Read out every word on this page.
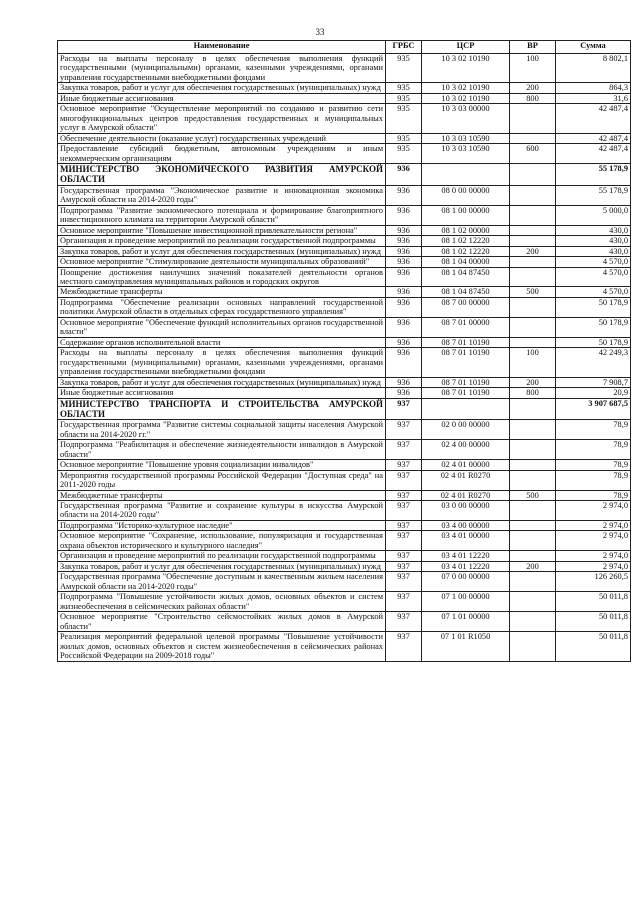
33
Наименование	ГРБС	ЦСР	ВР	Сумма
Расходы на выплаты персоналу в целях обеспечения выполнения функций государственными (муниципальными) органами, казенными учреждениями, органами управления государственными внебюджетными фондами	935	10 3 02 10190	100	8 802,1
Закупка товаров, работ и услуг для обеспечения государственных (муниципальных) нужд	935	10 3 02 10190	200	864,3
Иные бюджетные ассигнования	935	10 3 02 10190	800	31,6
Основное мероприятие "Осуществление мероприятий по созданию и развитию сети многофункциональных центров предоставления государственных и муниципальных услуг в Амурской области"	935	10 3 03 00000		42 487,4
Обеспечение деятельности (оказание услуг) государственных учреждений	935	10 3 03 10590		42 487,4
Предоставление субсидий бюджетным, автономным учреждениям и иным некоммерческим организациям	935	10 3 03 10590	600	42 487,4
МИНИСТЕРСТВО ЭКОНОМИЧЕСКОГО РАЗВИТИЯ АМУРСКОЙ ОБЛАСТИ	936			55 178,9
Государственная программа "Экономическое развитие и инновационная экономика Амурской области на 2014-2020 годы"	936	08 0 00 00000		55 178,9
Подпрограмма "Развитие экономического потенциала и формирование благоприятного инвестиционного климата на территории Амурской области"	936	08 1 00 00000		5 000,0
Основное мероприятие "Повышение инвестиционной привлекательности региона"	936	08 1 02 00000		430,0
Организация и проведение мероприятий по реализации государственной подпрограммы	936	08 1 02 12220		430,0
Закупка товаров, работ и услуг для обеспечения государственных (муниципальных) нужд	936	08 1 02 12220	200	430,0
Основное мероприятие "Стимулирование деятельности муниципальных образований"	936	08 1 04 00000		4 570,0
Поощрение достижения наилучших значений показателей деятельности органов местного самоуправления муниципальных районов и городских округов	936	08 1 04 87450		4 570,0
Межбюджетные трансферты	936	08 1 04 87450	500	4 570,0
Подпрограмма "Обеспечение реализации основных направлений государственной политики Амурской области в отдельных сферах государственного управления"	936	08 7 00 00000		50 178,9
Основное мероприятие "Обеспечение функций исполнительных органов государственной власти"	936	08 7 01 00000		50 178,9
Содержание органов исполнительной власти	936	08 7 01 10190		50 178,9
Расходы на выплаты персоналу в целях обеспечения выполнения функций государственными (муниципальными) органами, казенными учреждениями, органами управления государственными внебюджетными фондами	936	08 7 01 10190	100	42 249,3
Закупка товаров, работ и услуг для обеспечения государственных (муниципальных) нужд	936	08 7 01 10190	200	7 908,7
Иные бюджетные ассигнования	936	08 7 01 10190	800	20,9
МИНИСТЕРСТВО ТРАНСПОРТА И СТРОИТЕЛЬСТВА АМУРСКОЙ ОБЛАСТИ	937			3 907 687,5
Государственная программа "Развитие системы социальной защиты населения Амурской области на 2014-2020 гг."	937	02 0 00 00000		78,9
Подпрограмма "Реабилитация и обеспечение жизнедеятельности инвалидов в Амурской области"	937	02 4 00 00000		78,9
Основное мероприятие "Повышение уровня социализации инвалидов"	937	02 4 01 00000		78,9
Мероприятия государственной программы Российской Федерации "Доступная среда" на 2011-2020 годы	937	02 4 01 R0270		78,9
Межбюджетные трансферты	937	02 4 01 R0270	500	78,9
Государственная программа "Развитие и сохранение культуры в искусства Амурской области на 2014-2020 годы"	937	03 0 00 00000		2 974,0
Подпрограмма "Историко-культурное наследие"	937	03 4 00 00000		2 974,0
Основное мероприятие "Сохранение, использование, популяризация и государственная охрана объектов исторического и культурного наследия"	937	03 4 01 00000		2 974,0
Организация и проведение мероприятий по реализации государственной подпрограммы	937	03 4 01 12220		2 974,0
Закупка товаров, работ и услуг для обеспечения государственных (муниципальных) нужд	937	03 4 01 12220	200	2 974,0
Государственная программа "Обеспечение доступным и качественным жильем населения Амурской области на 2014-2020 годы"	937	07 0 00 00000		126 260,5
Подпрограмма "Повышение устойчивости жилых домов, основных объектов и систем жизнеобеспечения в сейсмических районах области"	937	07 1 00 00000		50 011,8
Основное мероприятие "Строительство сейсмостойких жилых домов в Амурской области"	937	07 1 01 00000		50 011,8
Реализация мероприятий федеральной целевой программы "Повышение устойчивости жилых домов, основных объектов и систем жизнеобеспечения в сейсмических районах Российской Федерации на 2009-2018 годы"	937	07 1 01 R1050		50 011,8
